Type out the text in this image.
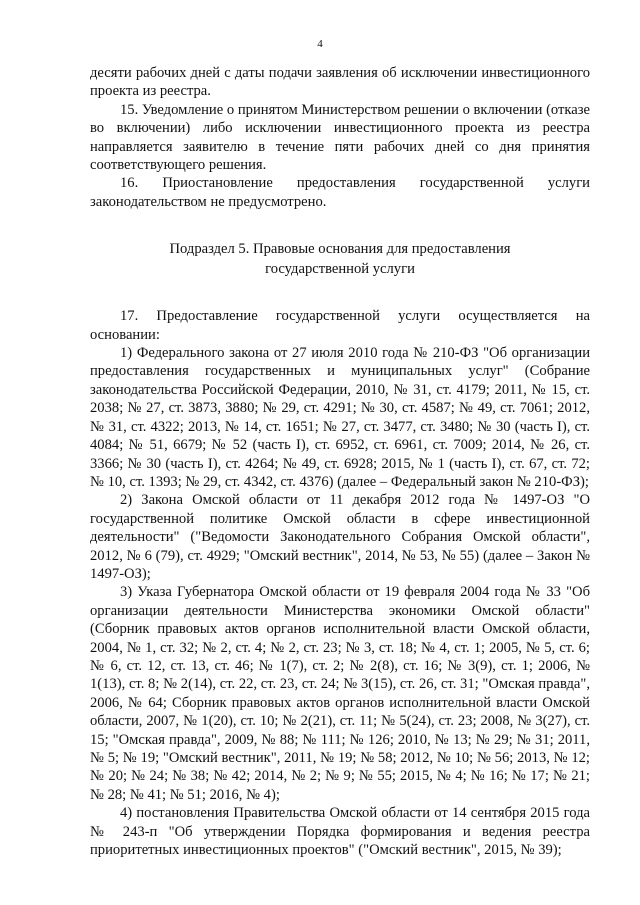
4

десяти рабочих дней с даты подачи заявления об исключении инвестиционного проекта из реестра.

15. Уведомление о принятом Министерством решении о включении (отказе во включении) либо исключении инвестиционного проекта из реестра направляется заявителю в течение пяти рабочих дней со дня принятия соответствующего решения.

16. Приостановление предоставления государственной услуги законодательством не предусмотрено.

Подраздел 5. Правовые основания для предоставления
государственной услуги

17. Предоставление государственной услуги осуществляется на основании:

1) Федерального закона от 27 июля 2010 года № 210-ФЗ "Об организации предоставления государственных и муниципальных услуг" (Собрание законодательства Российской Федерации, 2010, № 31, ст. 4179; 2011, № 15, ст. 2038; № 27, ст. 3873, 3880; № 29, ст. 4291; № 30, ст. 4587; № 49, ст. 7061; 2012, № 31, ст. 4322; 2013, № 14, ст. 1651; № 27, ст. 3477, ст. 3480; № 30 (часть I), ст. 4084; № 51, 6679; № 52 (часть I), ст. 6952, ст. 6961, ст. 7009; 2014, № 26, ст. 3366; № 30 (часть I), ст. 4264; № 49, ст. 6928; 2015, № 1 (часть I), ст. 67, ст. 72; № 10, ст. 1393; № 29, ст. 4342, ст. 4376) (далее – Федеральный закон № 210-ФЗ);

2) Закона Омской области от 11 декабря 2012 года № 1497-ОЗ "О государственной политике Омской области в сфере инвестиционной деятельности" ("Ведомости Законодательного Собрания Омской области", 2012, № 6 (79), ст. 4929; "Омский вестник", 2014, № 53, № 55) (далее – Закон № 1497-ОЗ);

3) Указа Губернатора Омской области от 19 февраля 2004 года № 33 "Об организации деятельности Министерства экономики Омской области" (Сборник правовых актов органов исполнительной власти Омской области, 2004, № 1, ст. 32; № 2, ст. 4; № 2, ст. 23; № 3, ст. 18; № 4, ст. 1; 2005, № 5, ст. 6; № 6, ст. 12, ст. 13, ст. 46; № 1(7), ст. 2; № 2(8), ст. 16; № 3(9), ст. 1; 2006, № 1(13), ст. 8; № 2(14), ст. 22, ст. 23, ст. 24; № 3(15), ст. 26, ст. 31; "Омская правда", 2006, № 64; Сборник правовых актов органов исполнительной власти Омской области, 2007, № 1(20), ст. 10; № 2(21), ст. 11; № 5(24), ст. 23; 2008, № 3(27), ст. 15; "Омская правда", 2009, № 88; № 111; № 126; 2010, № 13; № 29; № 31; 2011, № 5; № 19; "Омский вестник", 2011, № 19; № 58; 2012, № 10; № 56; 2013, № 12; № 20; № 24; № 38; № 42; 2014, № 2; № 9; № 55; 2015, № 4; № 16; № 17; № 21; № 28; № 41; № 51; 2016, № 4);

4) постановления Правительства Омской области от 14 сентября 2015 года № 243-п "Об утверждении Порядка формирования и ведения реестра приоритетных инвестиционных проектов" ("Омский вестник", 2015, № 39);
